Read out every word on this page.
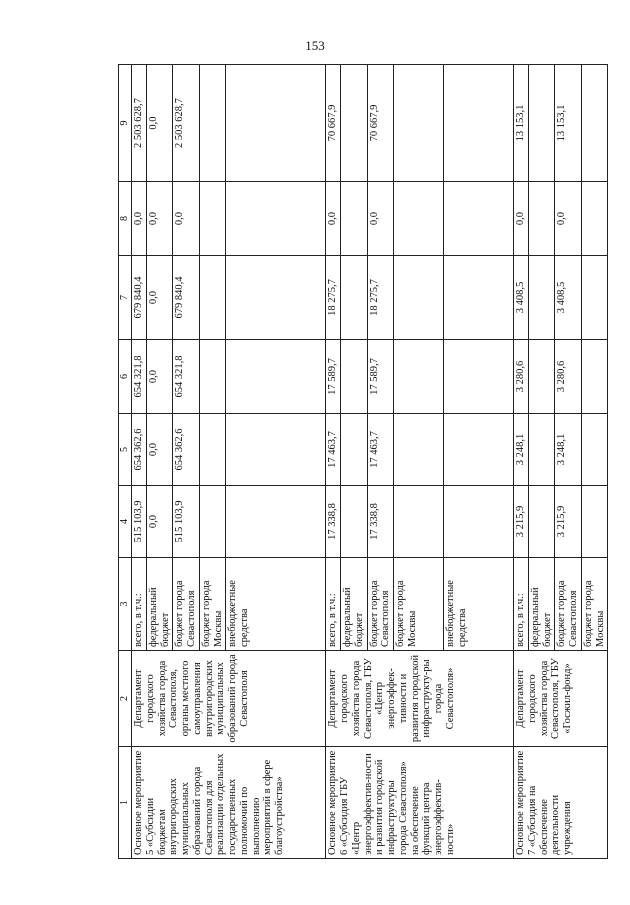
153
1	2	3	4	5	6	7	8	9
Основное мероприятие 5 «Субсидии бюджетам внутригородских муниципальных образований города Севастополя для реализации отдельных государственных полномочий по выполнению мероприятий в сфере благоустройства»	Департамент городского хозяйства города Севастополя, органы местного самоуправления внутригородских муниципальных образований города Севастополя	всего, в т.ч.:	515 103,9	654 362,6	654 321,8	679 840,4	0,0	2 503 628,7
		федеральный бюджет	0,0	0,0	0,0	0,0	0,0	0,0
		бюджет города Севастополя	515 103,9	654 362,6	654 321,8	679 840,4	0,0	2 503 628,7
		бюджет города Москвы						
		внебюджетные средства						
Основное мероприятие 6 «Субсидия ГБУ «Центр энергоэффектив-ности и развития городской инфраструктуры города Севастополя» на обеспечение функций центра энергоэффектив-ности»	Департамент городского хозяйства города Севастополя, ГБУ «Центр энергоэффек-тивности и развития городской инфраструкту-ры города Севастополя»	всего, в т.ч.:	17 338,8	17 463,7	17 589,7	18 275,7	0,0	70 667,9
		федеральный бюджет						
		бюджет города Севастополя	17 338,8	17 463,7	17 589,7	18 275,7	0,0	70 667,9
		бюджет города Москвы						
		внебюджетные средства						
Основное мероприятие 7 «Субсидия на обеспечение деятельности учреждения	Департамент городского хозяйства города Севастополя, ГБУ «Госжил-фонд»	всего, в т.ч.:	3 215,9	3 248,1	3 280,6	3 408,5	0,0	13 153,1
		федеральный бюджет						
		бюджет города Севастополя	3 215,9	3 248,1	3 280,6	3 408,5	0,0	13 153,1
		бюджет города Москвы						
